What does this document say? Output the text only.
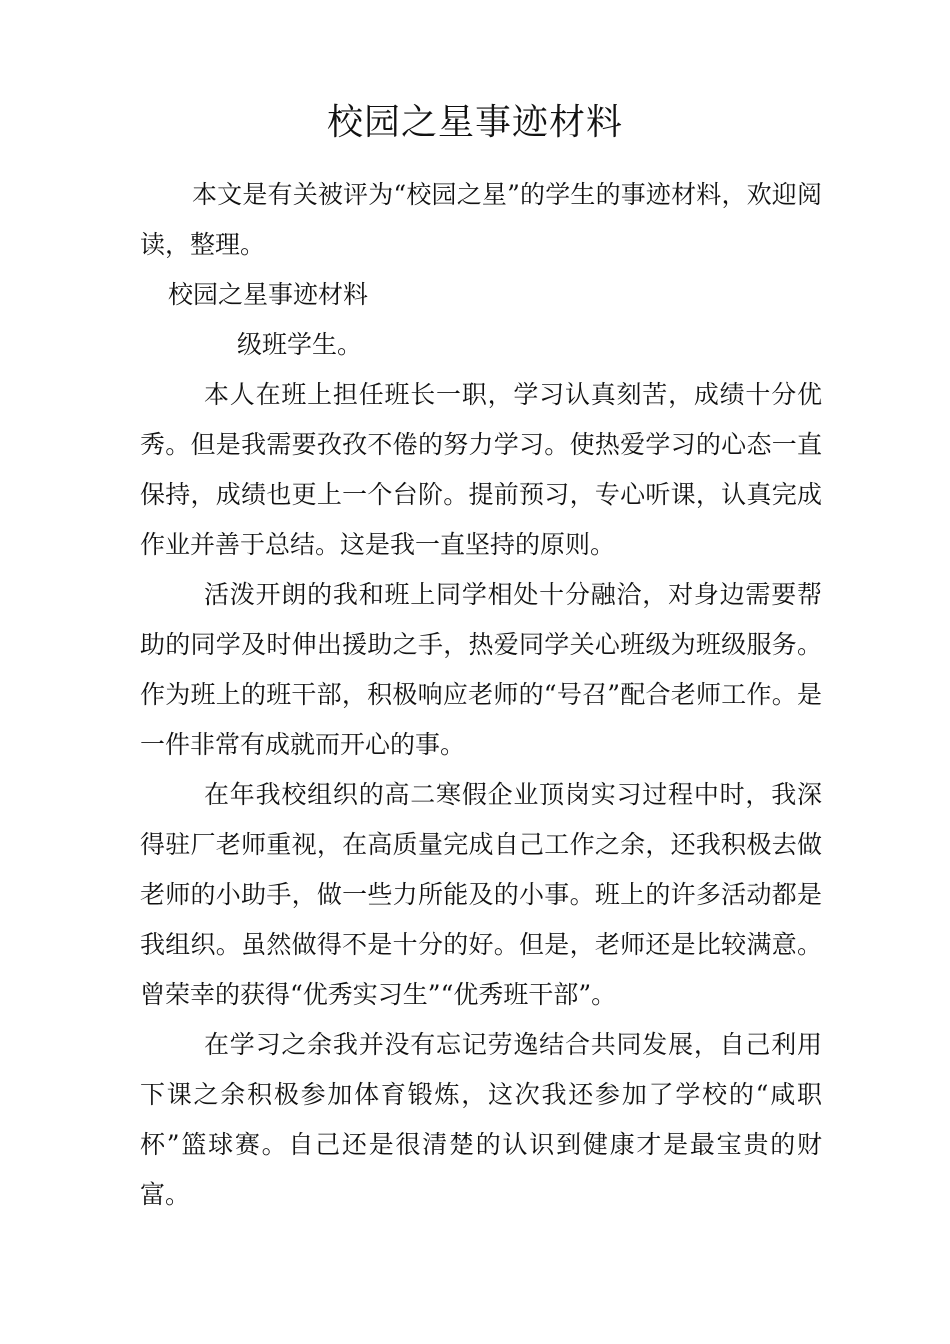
校园之星事迹材料

本文是有关被评为“校园之星”的学生的事迹材料，欢迎阅读，整理。

校园之星事迹材料

级班学生。

本人在班上担任班长一职，学习认真刻苦，成绩十分优秀。但是我需要孜孜不倦的努力学习。使热爱学习的心态一直保持，成绩也更上一个台阶。提前预习，专心听课，认真完成作业并善于总结。这是我一直坚持的原则。

活泼开朗的我和班上同学相处十分融洽，对身边需要帮助的同学及时伸出援助之手，热爱同学关心班级为班级服务。作为班上的班干部，积极响应老师的“号召”配合老师工作。是一件非常有成就而开心的事。

在年我校组织的高二寒假企业顶岗实习过程中时，我深得驻厂老师重视，在高质量完成自己工作之余，还我积极去做老师的小助手，做一些力所能及的小事。班上的许多活动都是我组织。虽然做得不是十分的好。但是，老师还是比较满意。曾荣幸的获得“优秀实习生”“优秀班干部”。

在学习之余我并没有忘记劳逸结合共同发展，自己利用下课之余积极参加体育锻炼，这次我还参加了学校的“咸职杯”篮球赛。自己还是很清楚的认识到健康才是最宝贵的财富。
